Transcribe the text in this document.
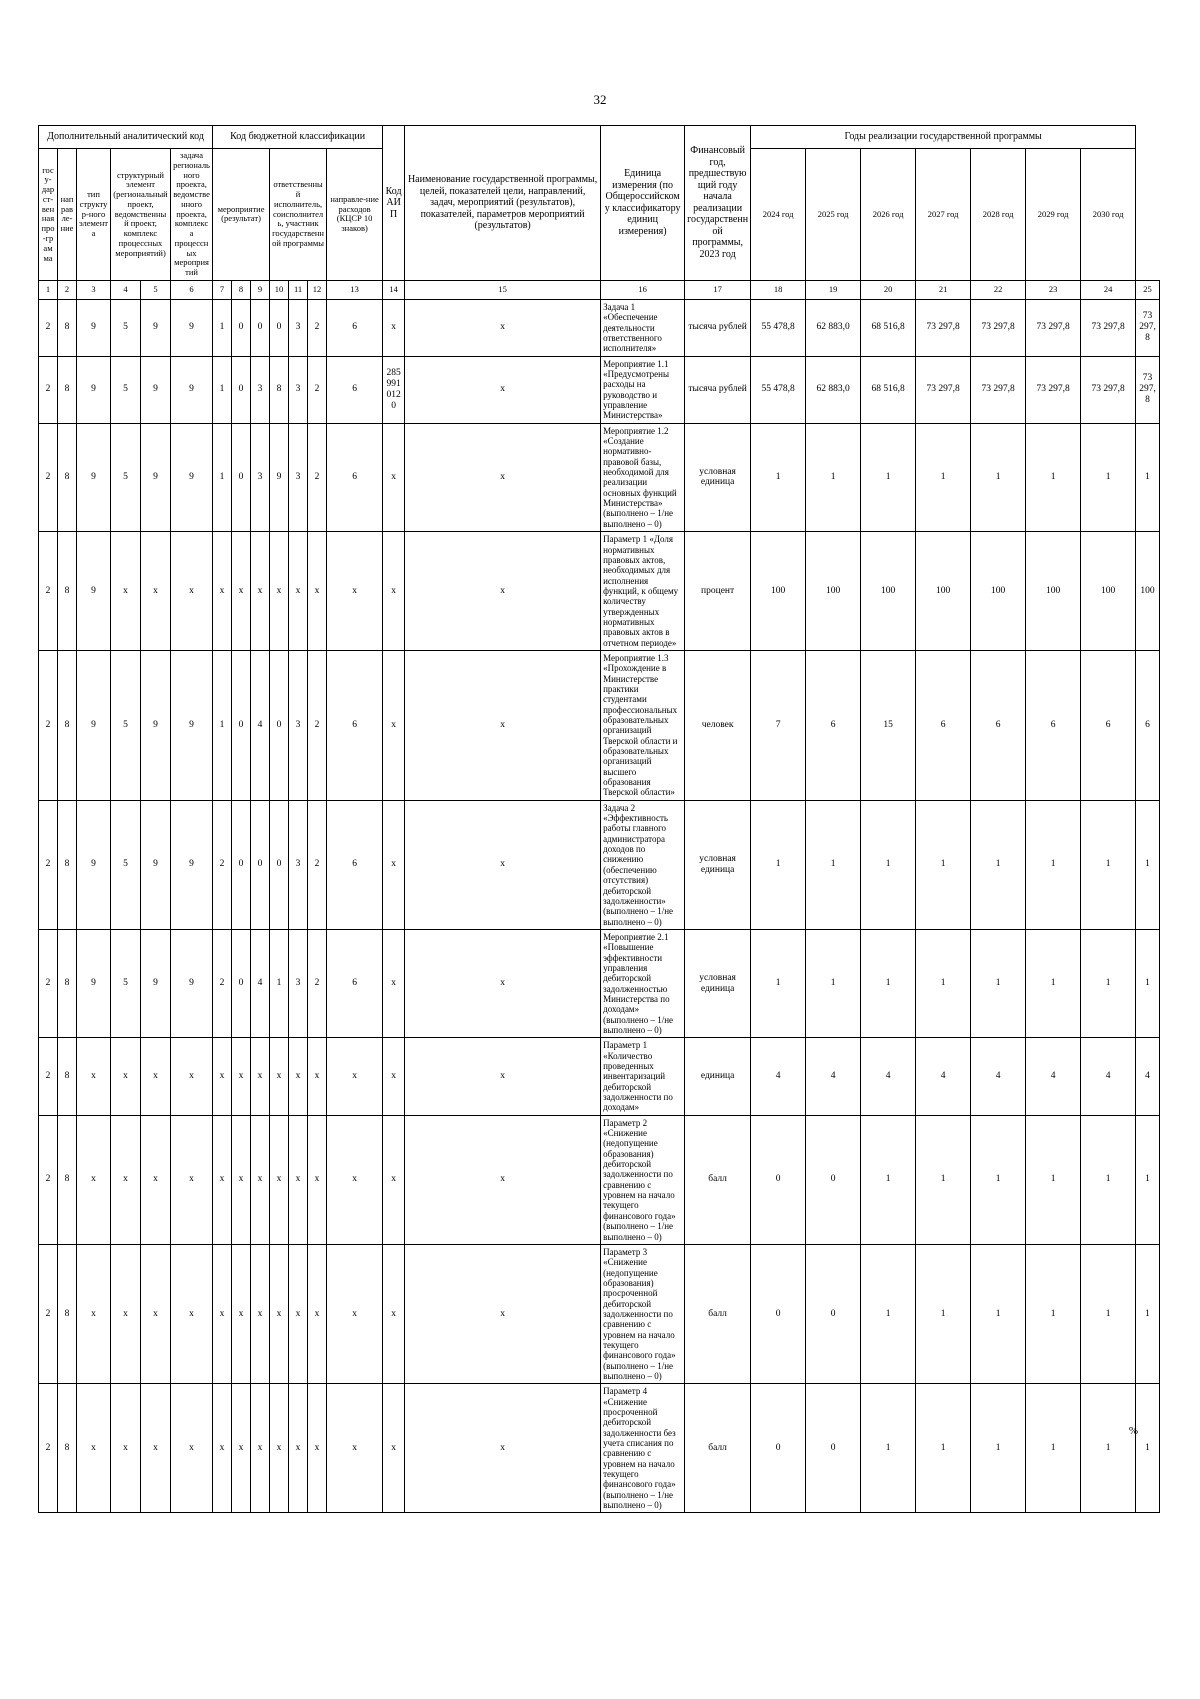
32
Дополнительный аналитический код						Код бюджетной классификации							Код АИП	Наименование государственной программы, целей, показателей цели, направлений, задач, мероприятий (результатов), показателей, параметров мероприятий (результатов)	Единица измерения (по Общероссийскому классификатору единиц измерения)	Финансовый год, предшествующий году начала реализации государственной программы, 2023 год	Годы реализации государственной программы							
госу-дарст-венная про-грамма	направле-ние	тип структур-ного элемента	структурный элемент (региональный проект, ведомственный проект, комплекс процессных мероприятий)		задача регионального проекта, ведомственного проекта, комплекса процессных мероприятий	мероприятие (результат)			ответственный исполнитель, соисполнитель, участник государственной программы			направле-ние расходов (КЦСР 10 знаков)					2024 год	2025 год	2026 год	2027 год	2028 год	2029 год	2030 год	
1	2	3	4	5	6	7	8	9	10	11	12	13	14	15	16	17	18	19	20	21	22	23	24	25
2	8	9	5	9	9	1	0	0	0	3	2	6	x	x	Задача 1 «Обеспечение деятельности ответственного исполнителя»	тысяча рублей	55 478,8	62 883,0	68 516,8	73 297,8	73 297,8	73 297,8	73 297,8	73 297,8
2	8	9	5	9	9	1	0	3	8	3	2	6	2859910120	x	Мероприятие 1.1 «Предусмотрены расходы на руководство и управление Министерства»	тысяча рублей	55 478,8	62 883,0	68 516,8	73 297,8	73 297,8	73 297,8	73 297,8	73 297,8
2	8	9	5	9	9	1	0	3	9	3	2	6	x	x	Мероприятие 1.2 «Создание нормативно-правовой базы, необходимой для реализации основных функций Министерства» (выполнено – 1/не выполнено – 0)	условная единица	1	1	1	1	1	1	1	1
2	8	9	x	x	x	x	x	x	x	x	x	x	x	x	Параметр 1 «Доля нормативных правовых актов, необходимых для исполнения функций, к общему количеству утвержденных нормативных правовых актов в отчетном периоде»	процент	100	100	100	100	100	100	100	100
2	8	9	5	9	9	1	0	4	0	3	2	6	x	x	Мероприятие 1.3 «Прохождение в Министерстве практики студентами профессиональных образовательных организаций Тверской области и образовательных организаций высшего образования Тверской области»	человек	7	6	15	6	6	6	6	6
2	8	9	5	9	9	2	0	0	0	3	2	6	x	x	Задача 2 «Эффективность работы главного администратора доходов по снижению (обеспечению отсутствия) дебиторской задолженности» (выполнено – 1/не выполнено – 0)	условная единица	1	1	1	1	1	1	1	1
2	8	9	5	9	9	2	0	4	1	3	2	6	x	x	Мероприятие 2.1 «Повышение эффективности управления дебиторской задолженностью Министерства по доходам» (выполнено – 1/не выполнено – 0)	условная единица	1	1	1	1	1	1	1	1
2	8	x	x	x	x	x	x	x	x	x	x	x	x	x	Параметр 1 «Количество проведенных инвентаризаций дебиторской задолженности по доходам»	единица	4	4	4	4	4	4	4	4
2	8	x	x	x	x	x	x	x	x	x	x	x	x	x	Параметр 2 «Снижение (недопущение образования) дебиторской задолженности по сравнению с уровнем на начало текущего финансового года» (выполнено – 1/не выполнено – 0)	балл	0	0	1	1	1	1	1	1
2	8	x	x	x	x	x	x	x	x	x	x	x	x	x	Параметр 3 «Снижение (недопущение образования) просроченной дебиторской задолженности по сравнению с уровнем на начало текущего финансового года» (выполнено – 1/не выполнено – 0)	балл	0	0	1	1	1	1	1	1
2	8	x	x	x	x	x	x	x	x	x	x	x	x	x	Параметр 4 «Снижение просроченной дебиторской задолженности без учета списания по сравнению с уровнем на начало текущего финансового года» (выполнено – 1/не выполнено – 0)	балл	0	0	1	1	1	1	1	1
%
